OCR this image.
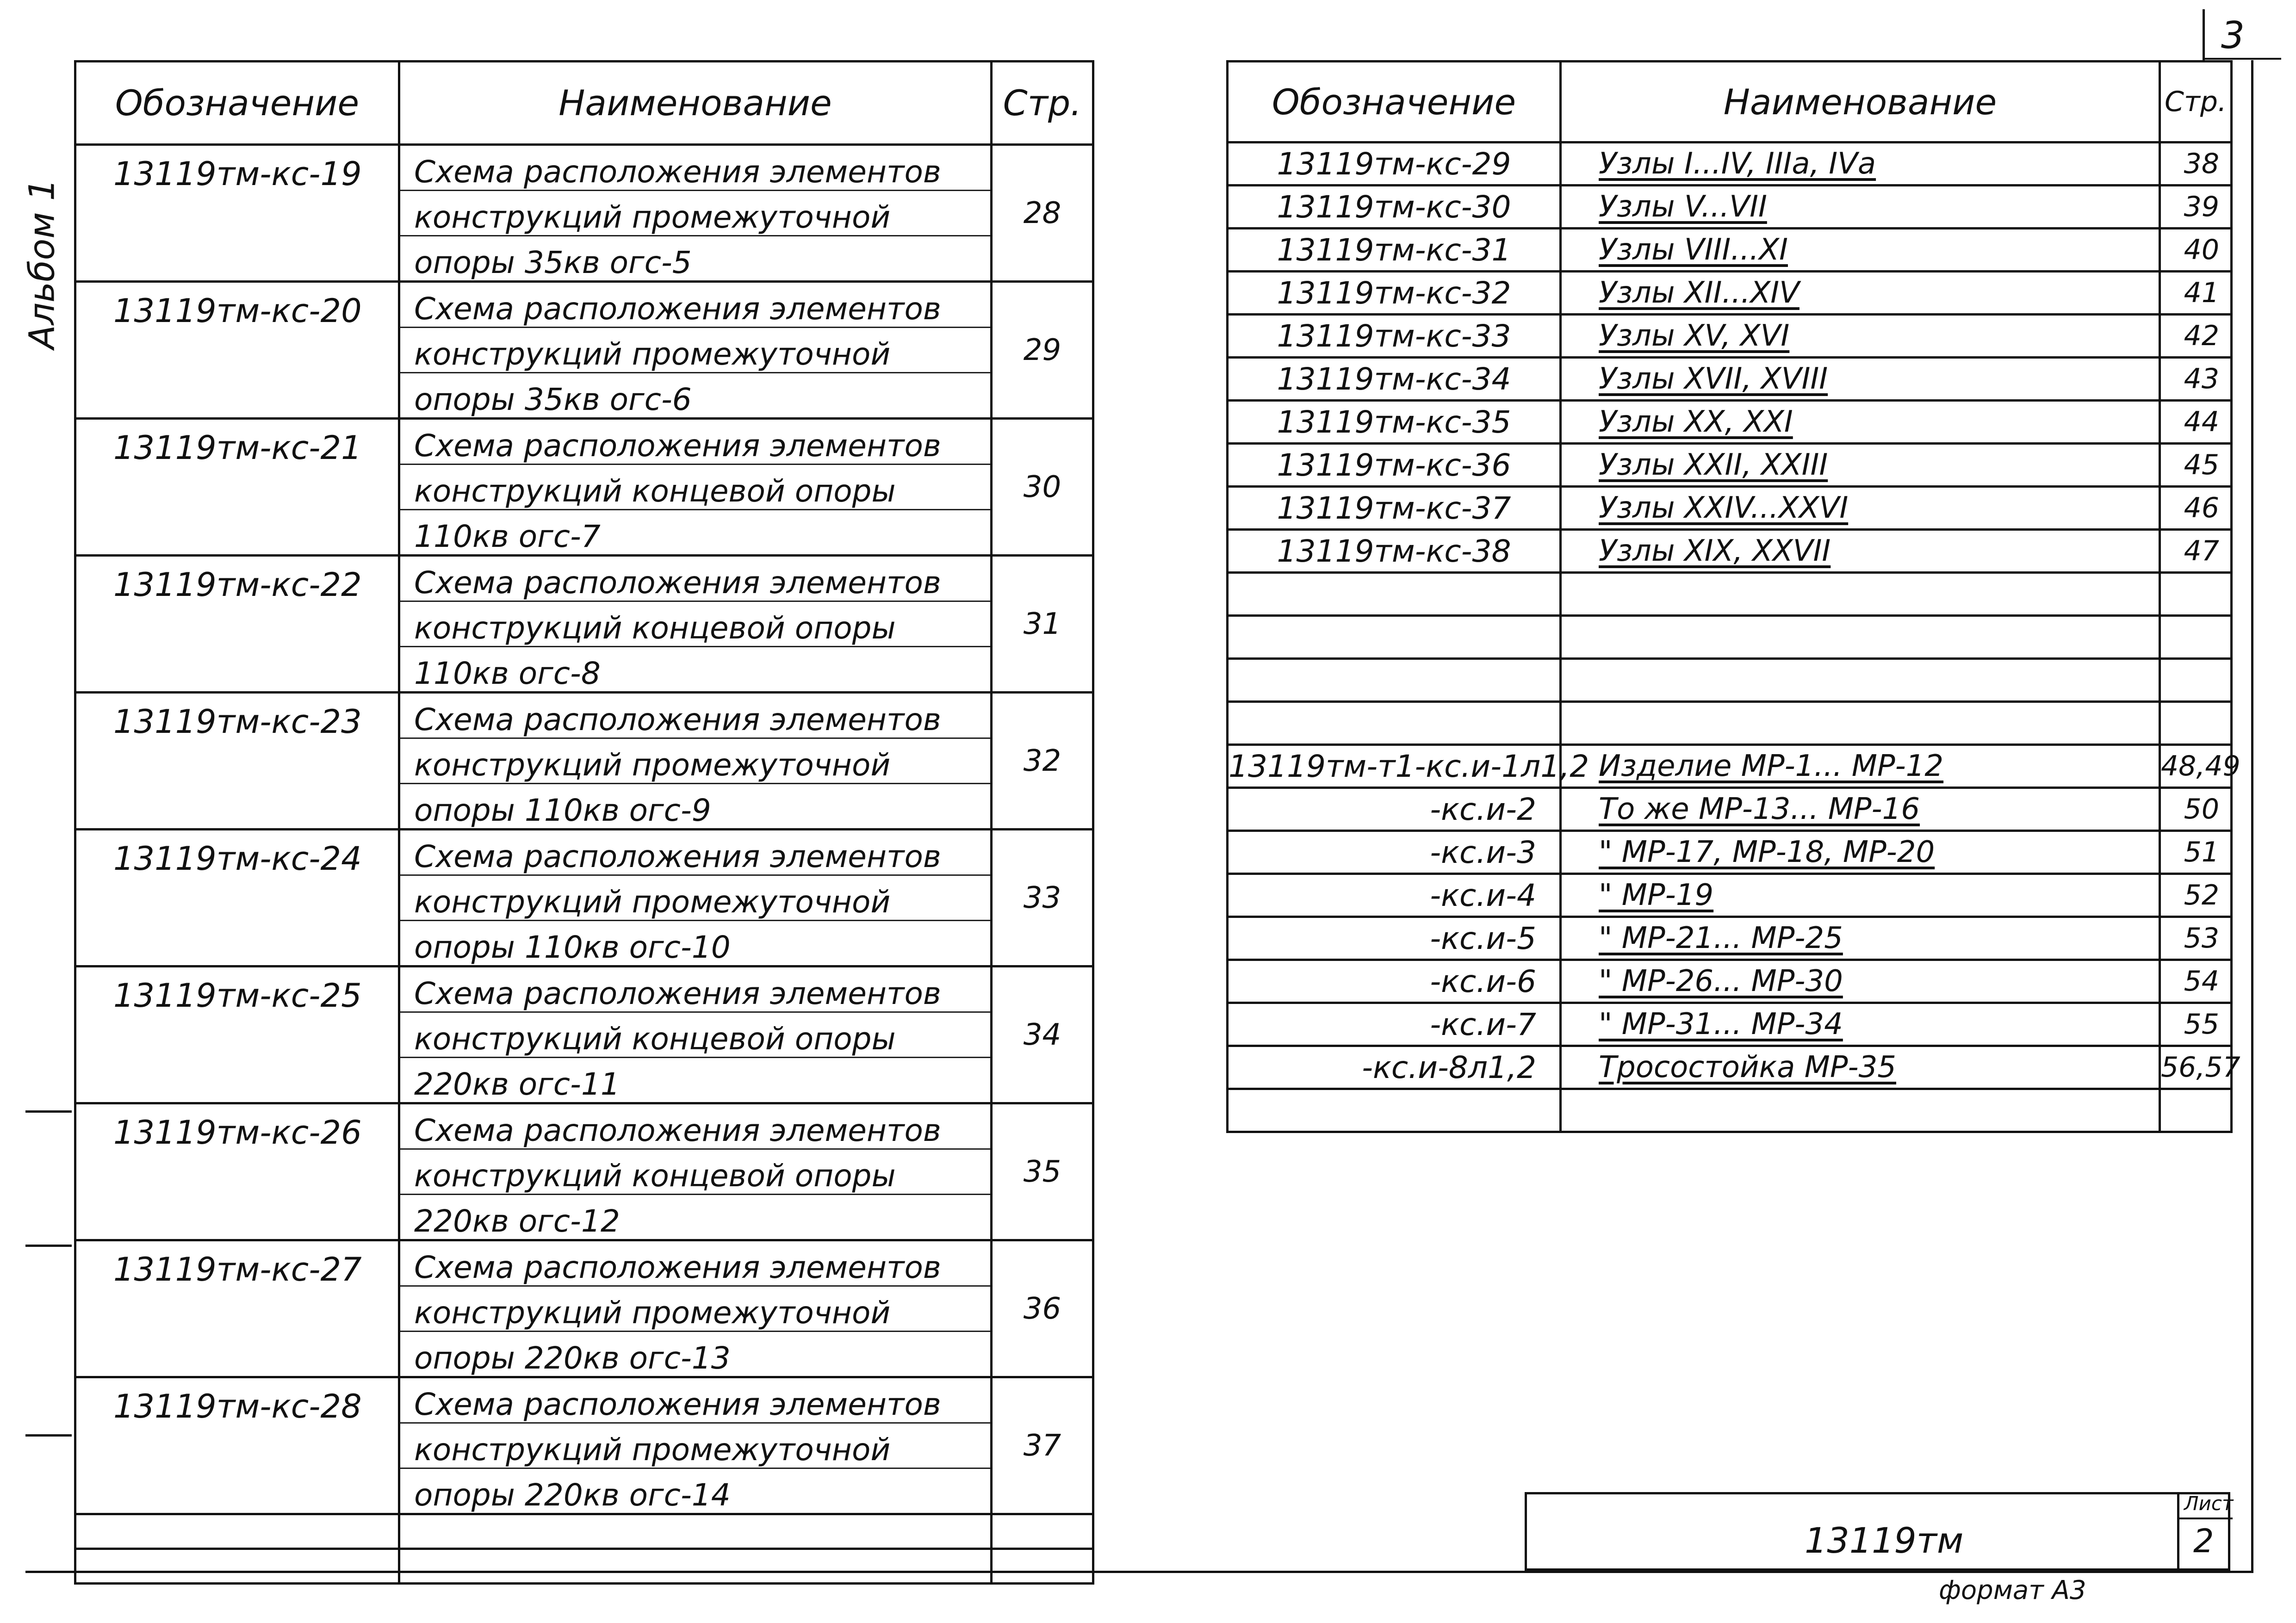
3
Альбом 1
Обозначение	Наименование	Стр.
13119тм-кс-19	Схема расположения элементов
конструкций промежуточной
опоры 35кв огс-5	28
13119тм-кс-20	Схема расположения элементов
конструкций промежуточной
опоры 35кв огс-6	29
13119тм-кс-21	Схема расположения элементов
конструкций концевой опоры
110кв огс-7	30
13119тм-кс-22	Схема расположения элементов
конструкций концевой опоры
110кв огс-8	31
13119тм-кс-23	Схема расположения элементов
конструкций промежуточной
опоры 110кв огс-9	32
13119тм-кс-24	Схема расположения элементов
конструкций промежуточной
опоры 110кв огс-10	33
13119тм-кс-25	Схема расположения элементов
конструкций концевой опоры
220кв огс-11	34
13119тм-кс-26	Схема расположения элементов
конструкций концевой опоры
220кв огс-12	35
13119тм-кс-27	Схема расположения элементов
конструкций промежуточной
опоры 220кв огс-13	36
13119тм-кс-28	Схема расположения элементов
конструкций промежуточной
опоры 220кв огс-14	37

Обозначение	Наименование	Стр.
13119тм-кс-29	Узлы I...IV, IIIа, IVа	38
13119тм-кс-30	Узлы V...VII	39
13119тм-кс-31	Узлы VIII...XI	40
13119тм-кс-32	Узлы XII...XIV	41
13119тм-кс-33	Узлы XV, XVI	42
13119тм-кс-34	Узлы XVII, XVIII	43
13119тм-кс-35	Узлы XX, XXI	44
13119тм-кс-36	Узлы XXII, XXIII	45
13119тм-кс-37	Узлы XXIV...XXVI	46
13119тм-кс-38	Узлы XIX, XXVII	47

13119тм-т1-кс.и-1л1,2	Изделие МР-1... МР-12	48,49
-кс.и-2	То же МР-13... МР-16	50
-кс.и-3	" МР-17, МР-18, МР-20	51
-кс.и-4	" МР-19	52
-кс.и-5	" МР-21... МР-25	53
-кс.и-6	" МР-26... МР-30	54
-кс.и-7	" МР-31... МР-34	55
-кс.и-8л1,2	Тросостойка МР-35	56,57

13119тм
Лист
2
формат А3
